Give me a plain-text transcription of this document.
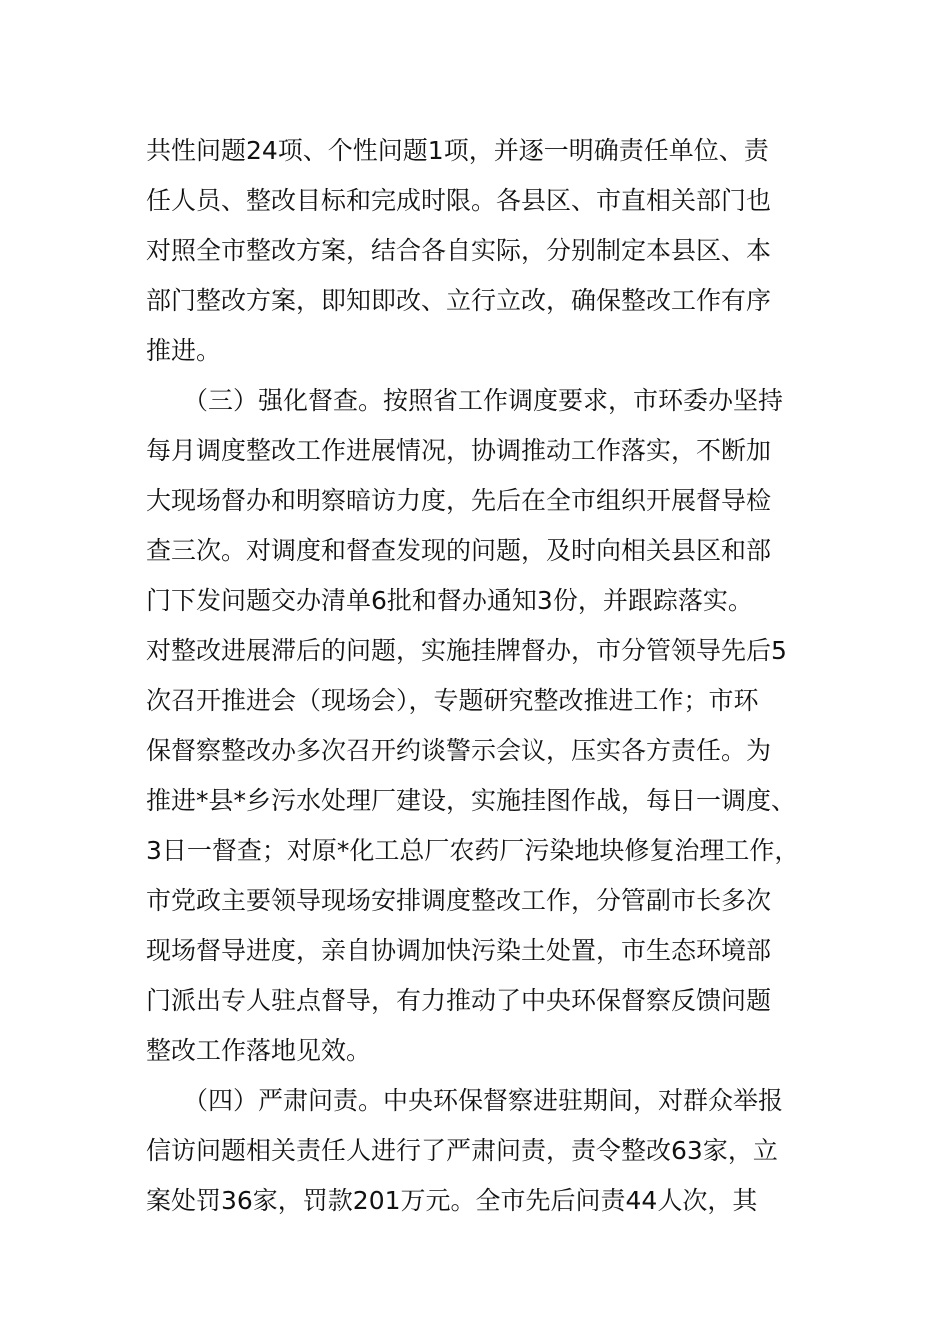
共性问题24项、个性问题1项，并逐一明确责任单位、责
任人员、整改目标和完成时限。各县区、市直相关部门也
对照全市整改方案，结合各自实际，分别制定本县区、本
部门整改方案，即知即改、立行立改，确保整改工作有序
推进。
（三）强化督查。按照省工作调度要求，市环委办坚持
每月调度整改工作进展情况，协调推动工作落实，不断加
大现场督办和明察暗访力度，先后在全市组织开展督导检
查三次。对调度和督查发现的问题，及时向相关县区和部
门下发问题交办清单6批和督办通知3份，并跟踪落实。
对整改进展滞后的问题，实施挂牌督办，市分管领导先后5
次召开推进会（现场会），专题研究整改推进工作；市环
保督察整改办多次召开约谈警示会议，压实各方责任。为
推进*县*乡污水处理厂建设，实施挂图作战，每日一调度、
3日一督查；对原*化工总厂农药厂污染地块修复治理工作，
市党政主要领导现场安排调度整改工作，分管副市长多次
现场督导进度，亲自协调加快污染土处置，市生态环境部
门派出专人驻点督导，有力推动了中央环保督察反馈问题
整改工作落地见效。
（四）严肃问责。中央环保督察进驻期间，对群众举报
信访问题相关责任人进行了严肃问责，责令整改63家，立
案处罚36家，罚款201万元。全市先后问责44人次，其
